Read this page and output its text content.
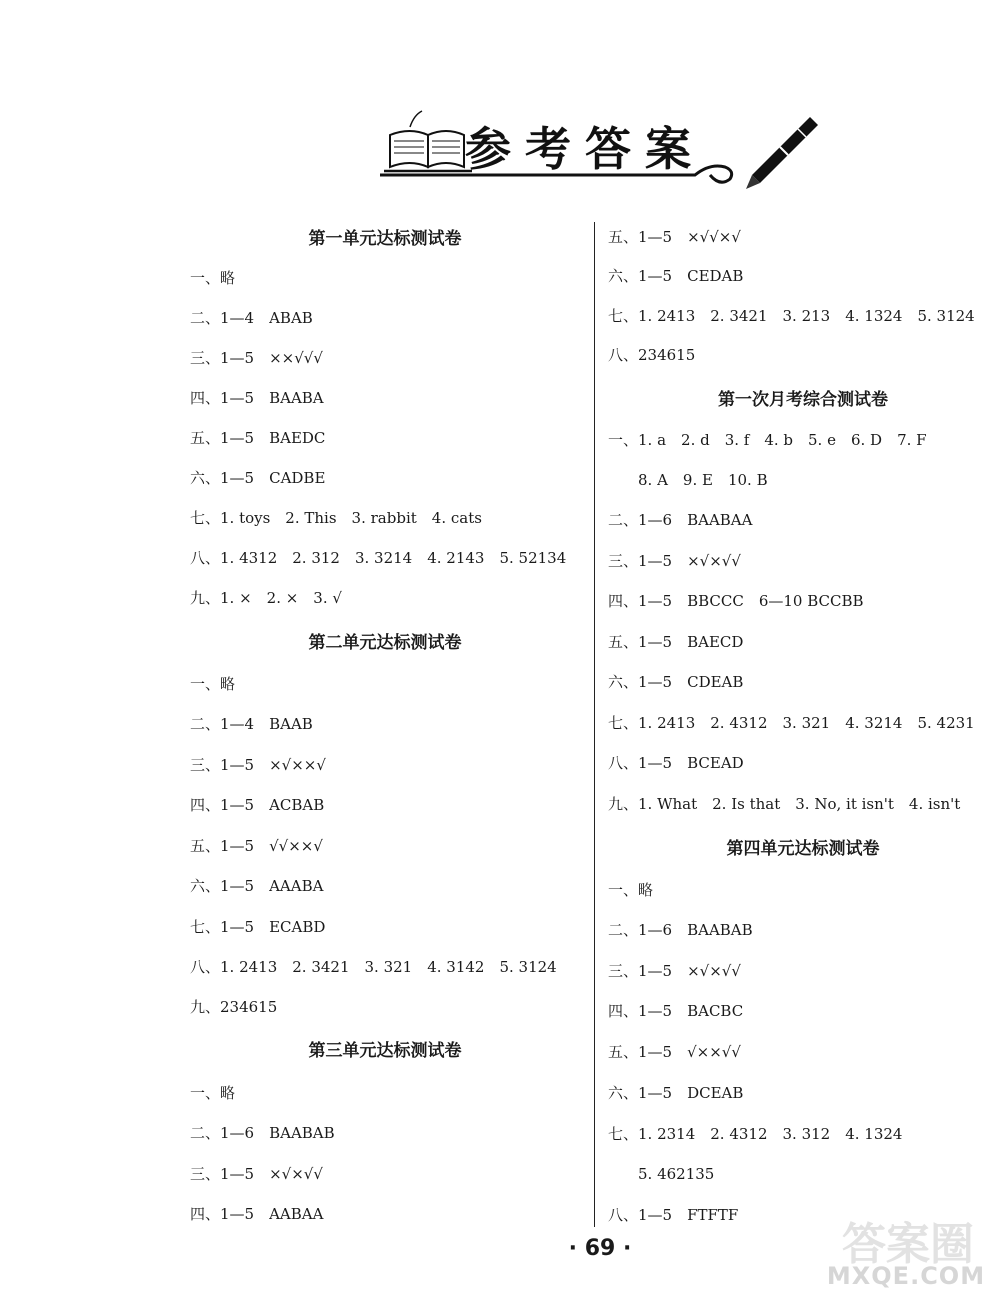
参考答案
第一单元达标测试卷
一、略
二、1—4　ABAB
三、1—5　××√√√
四、1—5　BAABA
五、1—5　BAEDC
六、1—5　CADBE
七、1. toys　2. This　3. rabbit　4. cats
八、1. 4312　2. 312　3. 3214　4. 2143　5. 52134
九、1. ×　2. ×　3. √
第二单元达标测试卷
一、略
二、1—4　BAAB
三、1—5　×√××√
四、1—5　ACBAB
五、1—5　√√××√
六、1—5　AAABA
七、1—5　ECABD
八、1. 2413　2. 3421　3. 321　4. 3142　5. 3124
九、234615
第三单元达标测试卷
一、略
二、1—6　BAABAB
三、1—5　×√×√√
四、1—5　AABAA
五、1—5　×√√×√
六、1—5　CEDAB
七、1. 2413　2. 3421　3. 213　4. 1324　5. 3124
八、234615
第一次月考综合测试卷
一、1. a　2. d　3. f　4. b　5. e　6. D　7. F
　　8. A　9. E　10. B
二、1—6　BAABAA
三、1—5　×√×√√
四、1—5　BBCCC　6—10 BCCBB
五、1—5　BAECD
六、1—5　CDEAB
七、1. 2413　2. 4312　3. 321　4. 3214　5. 4231
八、1—5　BCEAD
九、1. What　2. Is that　3. No, it isn't　4. isn't
第四单元达标测试卷
一、略
二、1—6　BAABAB
三、1—5　×√×√√
四、1—5　BACBC
五、1—5　√××√√
六、1—5　DCEAB
七、1. 2314　2. 4312　3. 312　4. 1324
　　5. 462135
八、1—5　FTFTF
· 69 ·	答案圈
MXQE.COM
